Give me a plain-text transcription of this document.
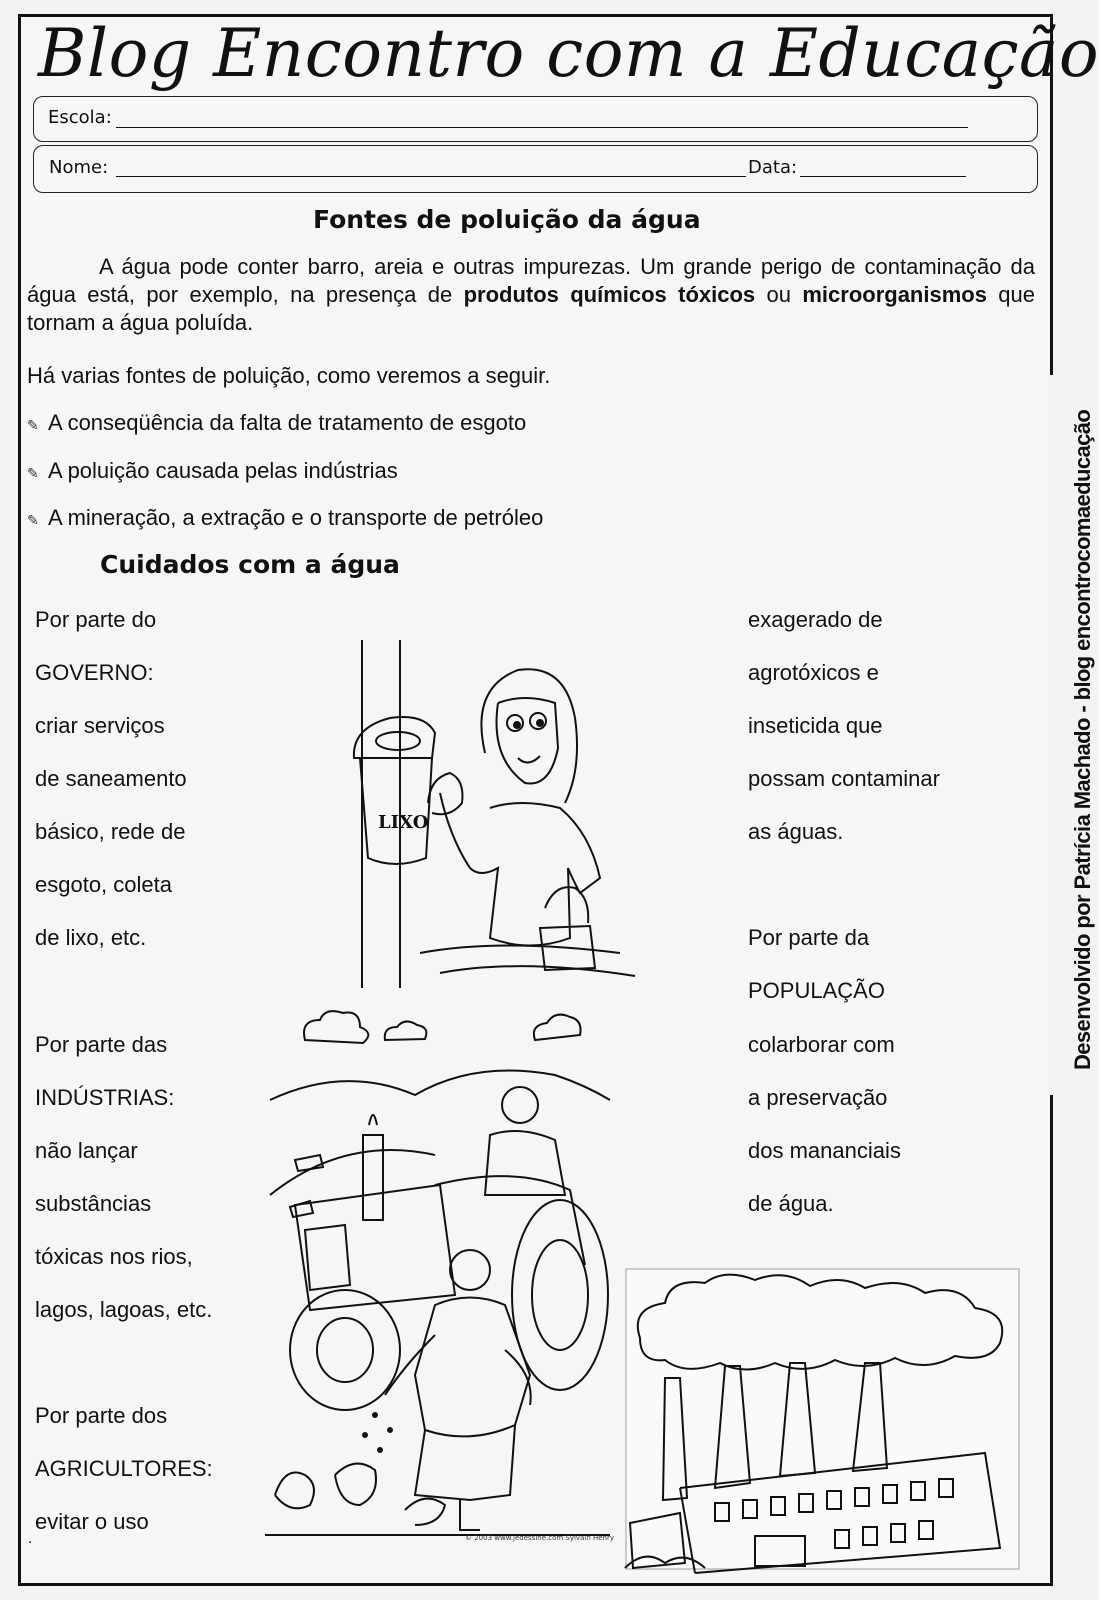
Desenvolvido por Patrícia Machado - blog encontrocomaeducação
Blog Encontro com a Educação
Escola:
Nome:	Data:
Fontes de poluição da água

A água pode conter barro, areia e outras impurezas. Um grande perigo de contaminação da água está, por exemplo, na presença de produtos químicos tóxicos ou microorganismos que tornam a água poluída.

Há varias fontes de poluição, como veremos a seguir.
✎ A conseqüência da falta de tratamento de esgoto
✎ A poluição causada pelas indústrias
✎ A mineração, a extração e o transporte de petróleo
Cuidados com a água
Por parte do
GOVERNO:
criar serviços
de saneamento
básico, rede de
esgoto, coleta
de lixo, etc.
Por parte das
INDÚSTRIAS:
não lançar
substâncias
tóxicas nos rios,
lagos, lagoas, etc.
Por parte dos
AGRICULTORES:
evitar o uso
exagerado de
agrotóxicos e
inseticida que
possam contaminar
as águas.
Por parte da
POPULAÇÃO
colarborar com
a preservação
dos mananciais
de água.
LIXO
© 2003 www.jedessine.com Sylvain Henry
.
